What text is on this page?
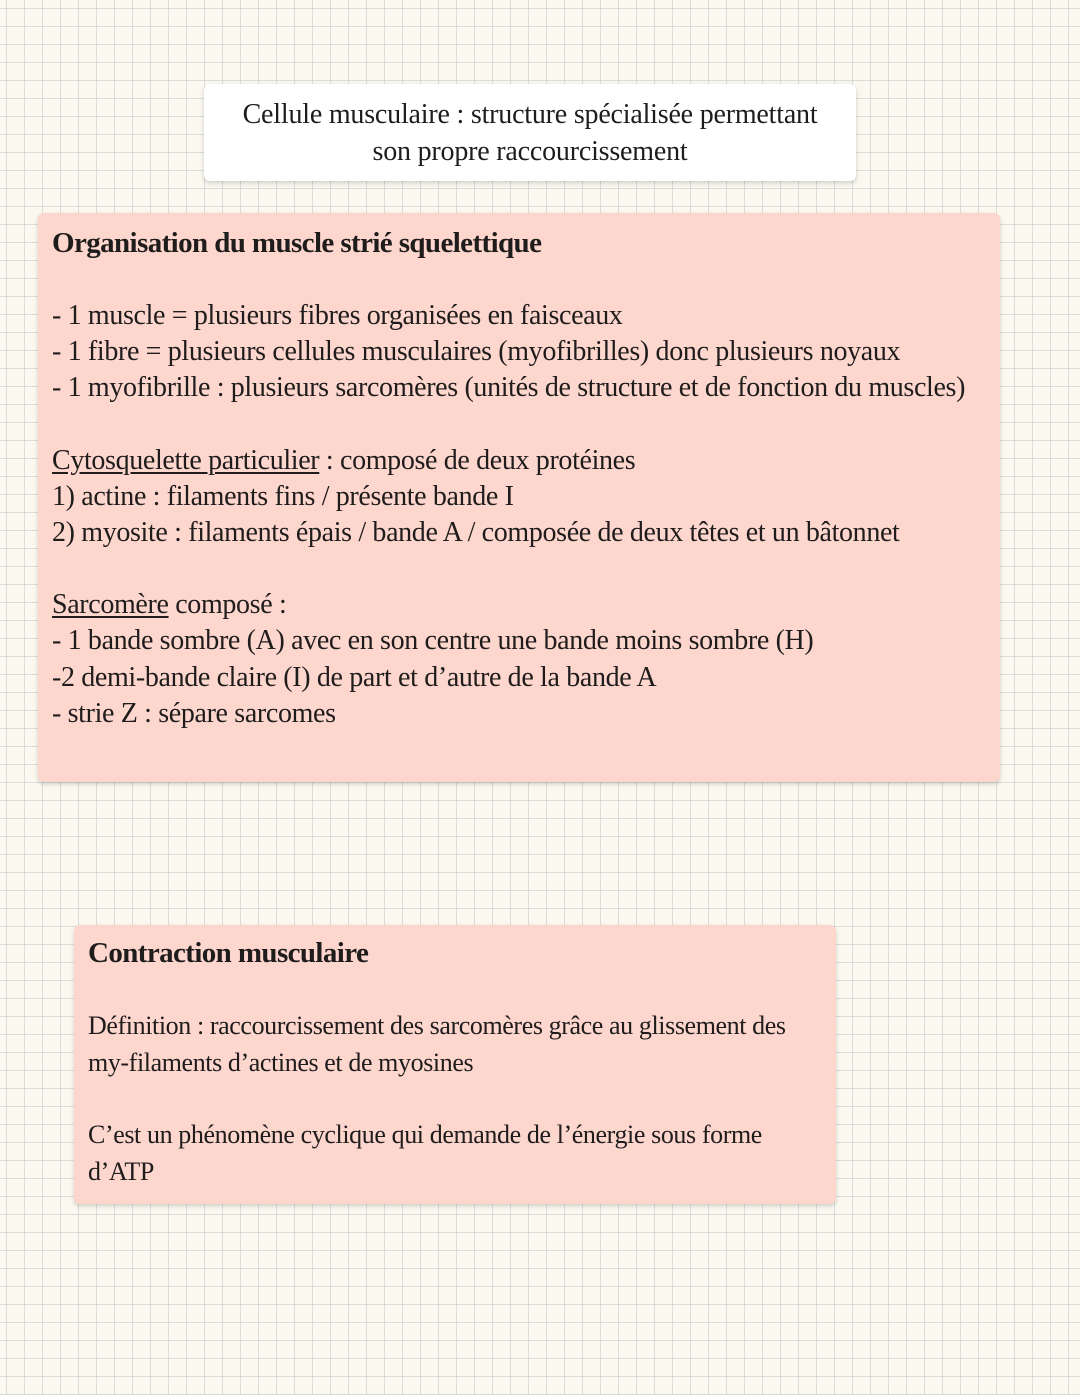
Cellule musculaire : structure spécialisée permettant
son propre raccourcissement

Organisation du muscle strié squelettique

- 1 muscle = plusieurs fibres organisées en faisceaux

- 1 fibre = plusieurs cellules musculaires (myofibrilles) donc plusieurs noyaux

- 1 myofibrille : plusieurs sarcomères (unités de structure et de fonction du muscles)

Cytosquelette particulier : composé de deux protéines

1) actine : filaments fins / présente bande I

2) myosite : filaments épais / bande A / composée de deux têtes et un bâtonnet

Sarcomère composé :

- 1 bande sombre (A) avec en son centre une bande moins sombre (H)

-2 demi-bande claire (I) de part et d’autre de la bande A

- strie Z : sépare sarcomes

Contraction musculaire

Définition : raccourcissement des sarcomères grâce au glissement des my-filaments d’actines et de myosines

C’est un phénomène cyclique qui demande de l’énergie sous forme d’ATP
